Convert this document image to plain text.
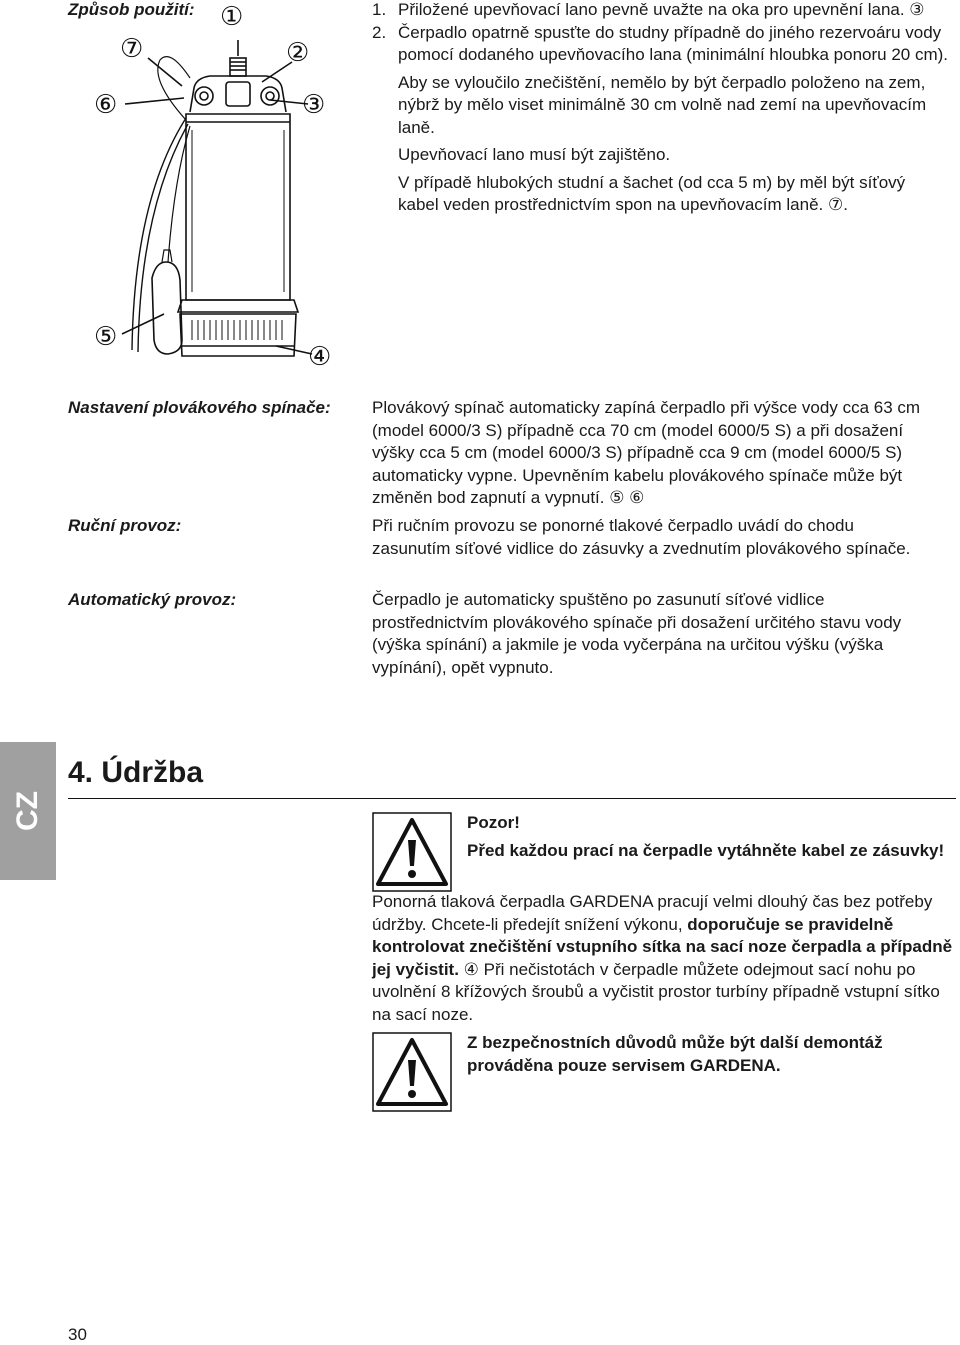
Způsob použití:	1. Přiložené upevňovací lano pevně uvažte na oka pro upevnění lana. ③
2. Čerpadlo opatrně spusťte do studny případně do jiného rezervoáru vody pomocí dodaného upevňovacího lana (minimální hloubka ponoru 20 cm).
Aby se vyloučilo znečištění, nemělo by být čerpadlo položeno na zem, nýbrž by mělo viset minimálně 30 cm volně nad zemí na upevňovacím laně.
Upevňovací lano musí být zajištěno.
V případě hlubokých studní a šachet (od cca 5 m) by měl být síťový kabel veden prostřednictvím spon na upevňovacím laně. ⑦.
①
⑦	②
⑥	③
⑤
④
Nastavení plovákového spínače: Plovákový spínač automaticky zapíná čerpadlo při výšce vody cca 63 cm (model 6000/3 S) případně cca 70 cm (model 6000/5 S) a při dosažení výšky cca 5 cm (model 6000/3 S) případně cca 9 cm (model 6000/5 S) automaticky vypne. Upevněním kabelu plovákového spínače může být změněn bod zapnutí a vypnutí. ⑤ ⑥
Ruční provoz:	Při ručním provozu se ponorné tlakové čerpadlo uvádí do chodu zasunutím síťové vidlice do zásuvky a zvednutím plovákového spínače.
Automatický provoz:	Čerpadlo je automaticky spuštěno po zasunutí síťové vidlice prostřednictvím plovákového spínače při dosažení určitého stavu vody (výška spínání) a jakmile je voda vyčerpána na určitou výšku (výška vypínání), opět vypnuto.
CZ
4. Údržba
Pozor!
Před každou prací na čerpadle vytáhněte kabel ze zásuvky!
Ponorná tlaková čerpadla GARDENA pracují velmi dlouhý čas bez potřeby údržby. Chcete-li předejít snížení výkonu, doporučuje se pravidelně kontrolovat znečištění vstupního sítka na sací noze čerpadla a případně jej vyčistit. ④ Při nečistotách v čerpadle můžete odejmout sací nohu po uvolnění 8 křížových šroubů a vyčistit prostor turbíny případně vstupní sítko na sací noze.
Z bezpečnostních důvodů může být další demontáž prováděna pouze servisem GARDENA.
30
